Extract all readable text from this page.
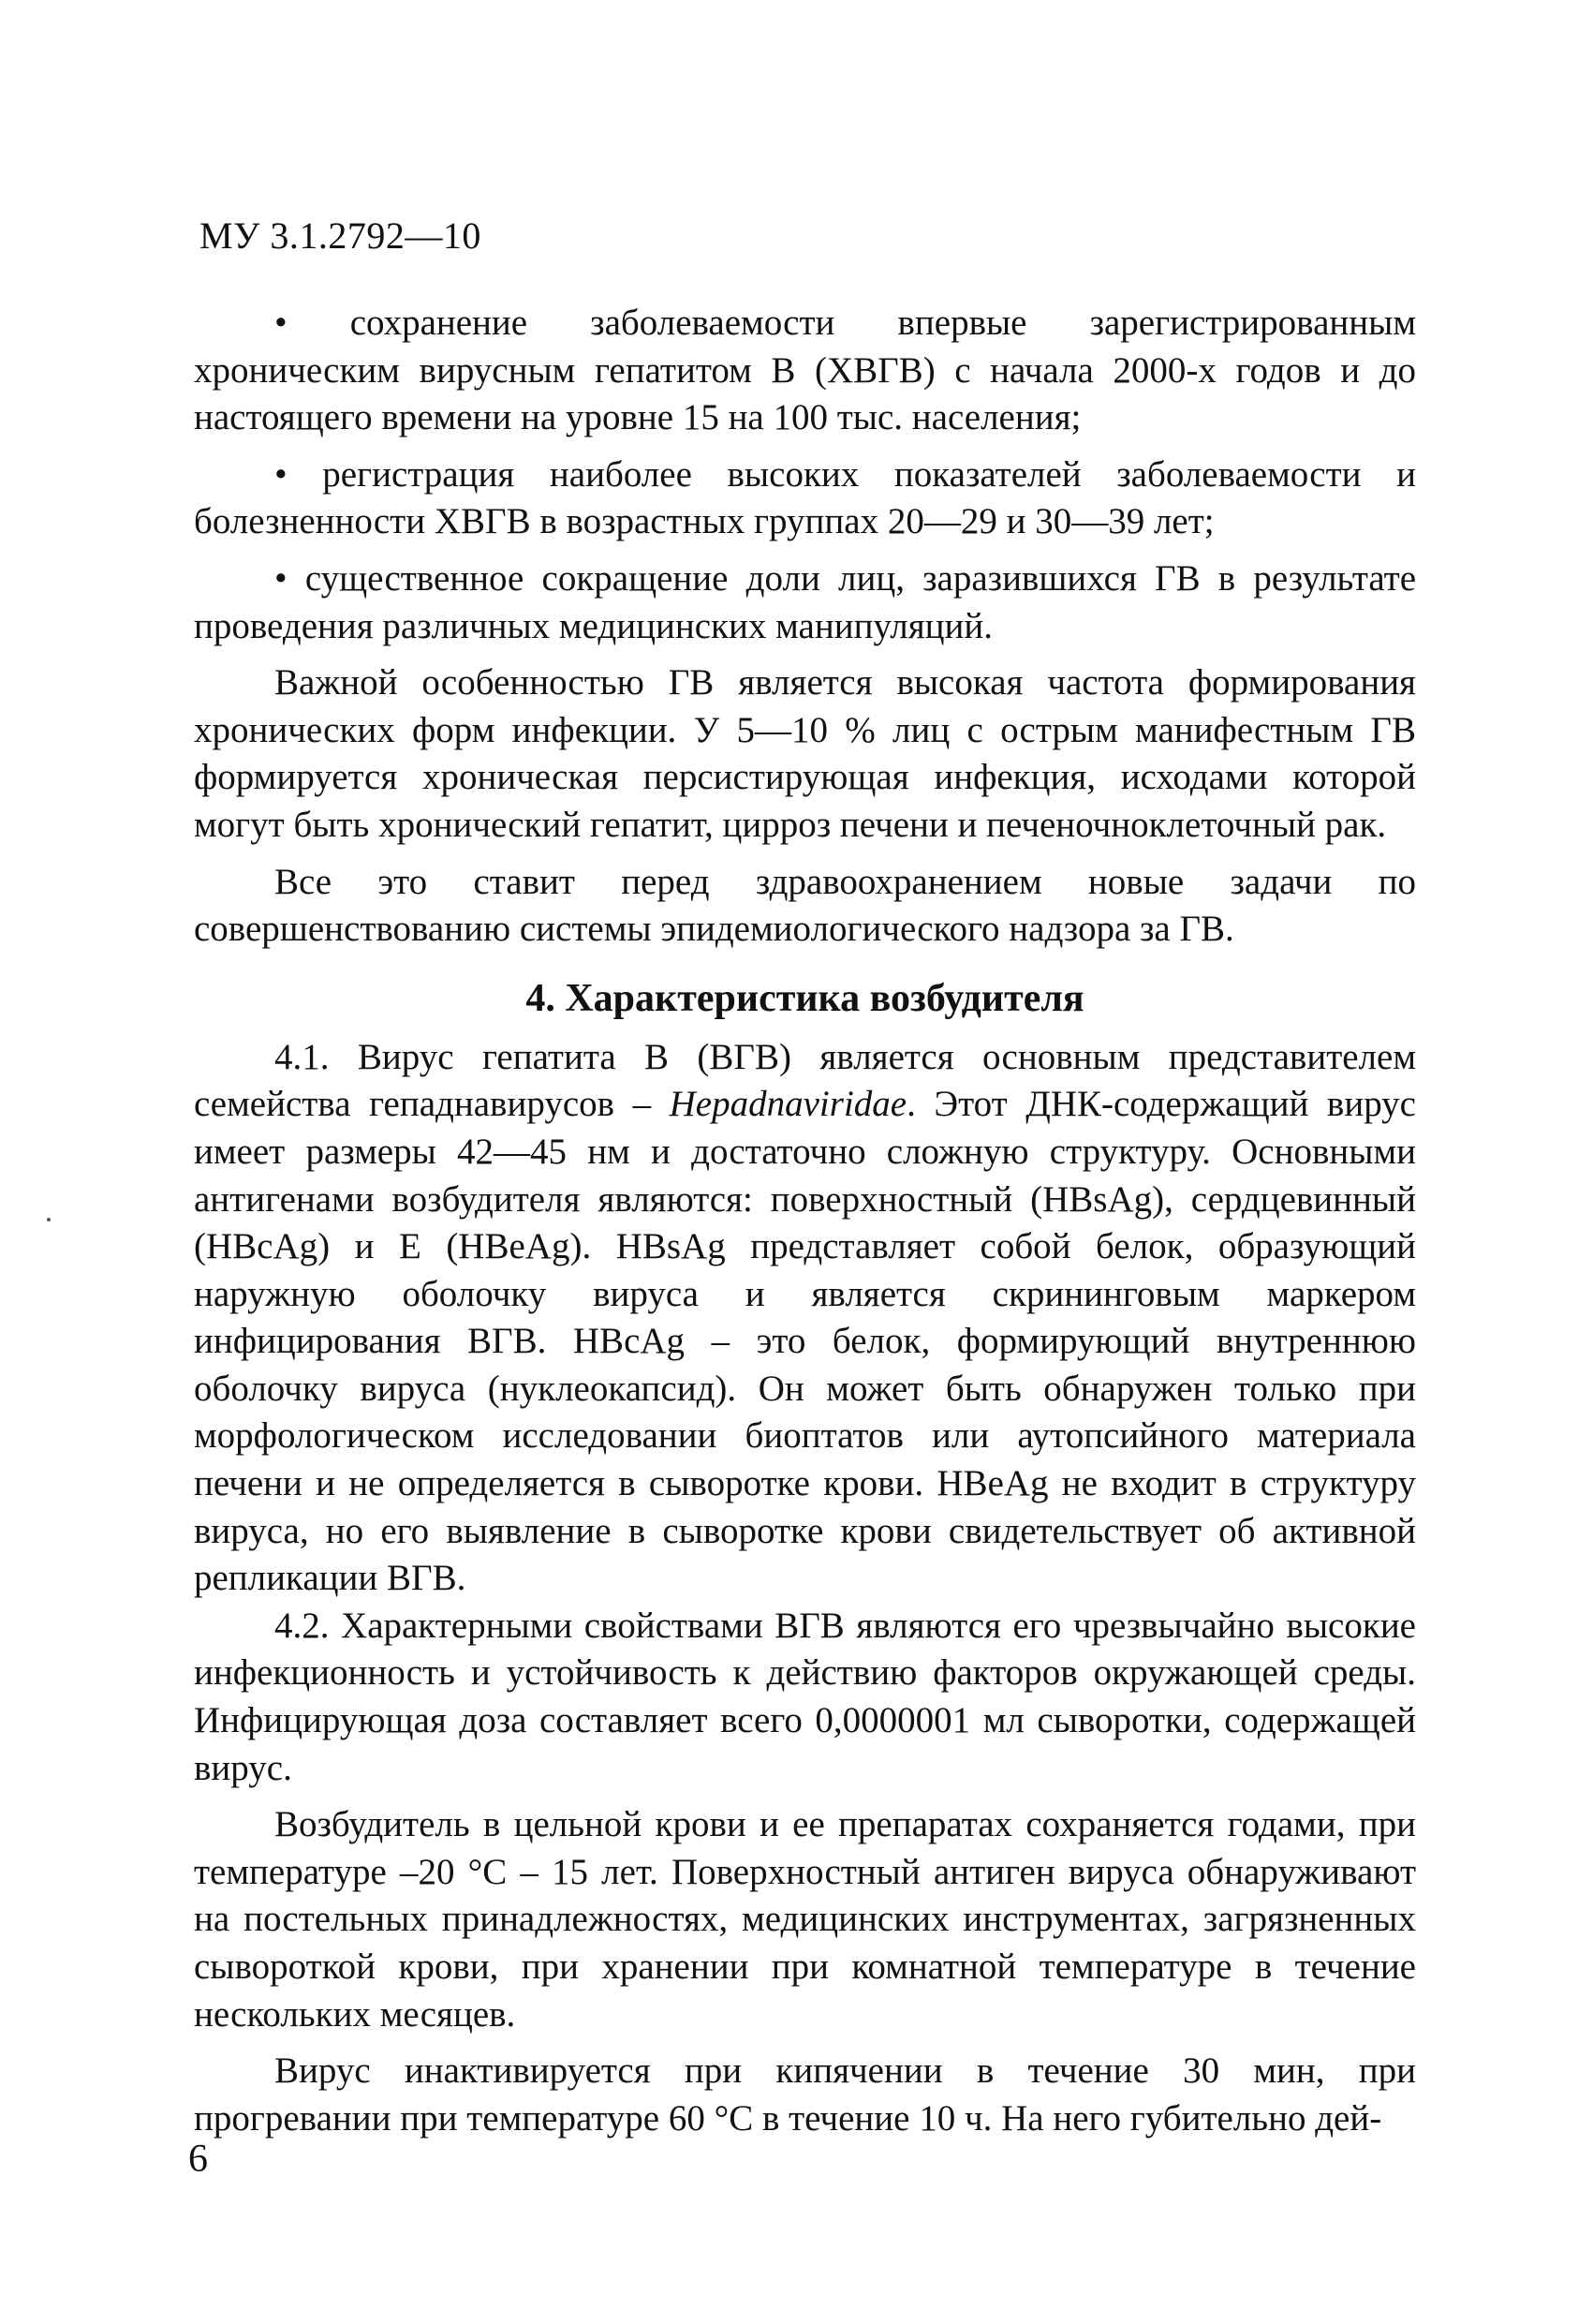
МУ 3.1.2792—10

• сохранение заболеваемости впервые зарегистрированным хроническим вирусным гепатитом В (ХВГВ) с начала 2000-х годов и до настоящего времени на уровне 15 на 100 тыс. населения;

• регистрация наиболее высоких показателей заболеваемости и болезненности ХВГВ в возрастных группах 20—29 и 30—39 лет;

• существенное сокращение доли лиц, заразившихся ГВ в результате проведения различных медицинских манипуляций.

Важной особенностью ГВ является высокая частота формирования хронических форм инфекции. У 5—10 % лиц с острым манифестным ГВ формируется хроническая персистирующая инфекция, исходами которой могут быть хронический гепатит, цирроз печени и печеночноклеточный рак.

Все это ставит перед здравоохранением новые задачи по совершенствованию системы эпидемиологического надзора за ГВ.

4. Характеристика возбудителя

4.1. Вирус гепатита В (ВГВ) является основным представителем семейства гепаднавирусов – Hepadnaviridae. Этот ДНК-содержащий вирус имеет размеры 42—45 нм и достаточно сложную структуру. Основными антигенами возбудителя являются: поверхностный (HBsAg), сердцевинный (HBcAg) и Е (HBeAg). HBsAg представляет собой белок, образующий наружную оболочку вируса и является скрининговым маркером инфицирования ВГВ. HBcAg – это белок, формирующий внутреннюю оболочку вируса (нуклеокапсид). Он может быть обнаружен только при морфологическом исследовании биоптатов или аутопсийного материала печени и не определяется в сыворотке крови. HBeAg не входит в структуру вируса, но его выявление в сыворотке крови свидетельствует об активной репликации ВГВ.

4.2. Характерными свойствами ВГВ являются его чрезвычайно высокие инфекционность и устойчивость к действию факторов окружающей среды. Инфицирующая доза составляет всего 0,0000001 мл сыворотки, содержащей вирус.

Возбудитель в цельной крови и ее препаратах сохраняется годами, при температуре –20 °С – 15 лет. Поверхностный антиген вируса обнаруживают на постельных принадлежностях, медицинских инструментах, загрязненных сывороткой крови, при хранении при комнатной температуре в течение нескольких месяцев.

Вирус инактивируется при кипячении в течение 30 мин, при прогревании при температуре 60 °С в течение 10 ч. На него губительно дей-

6
